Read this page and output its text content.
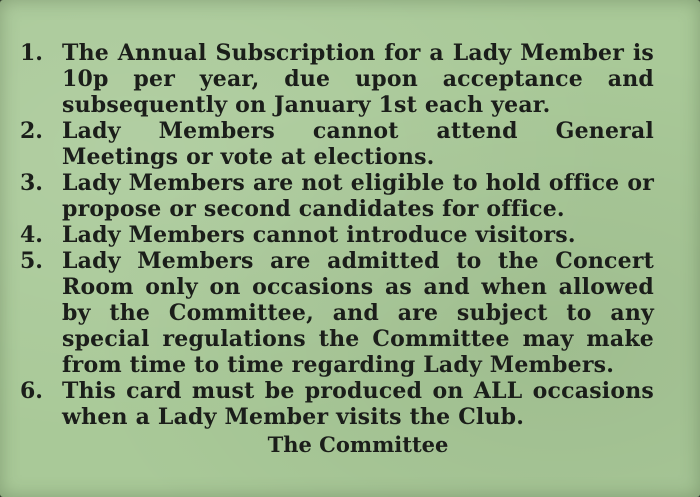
1. The Annual Subscription for a Lady Member is 10p per year, due upon acceptance and subsequently on January 1st each year.
2. Lady Members cannot attend General Meetings or vote at elections.
3. Lady Members are not eligible to hold office or propose or second candidates for office.
4. Lady Members cannot introduce visitors.
5. Lady Members are admitted to the Concert Room only on occasions as and when allowed by the Committee, and are subject to any special regulations the Committee may make from time to time regarding Lady Members.
6. This card must be produced on ALL occasions when a Lady Member visits the Club.
The Committee
